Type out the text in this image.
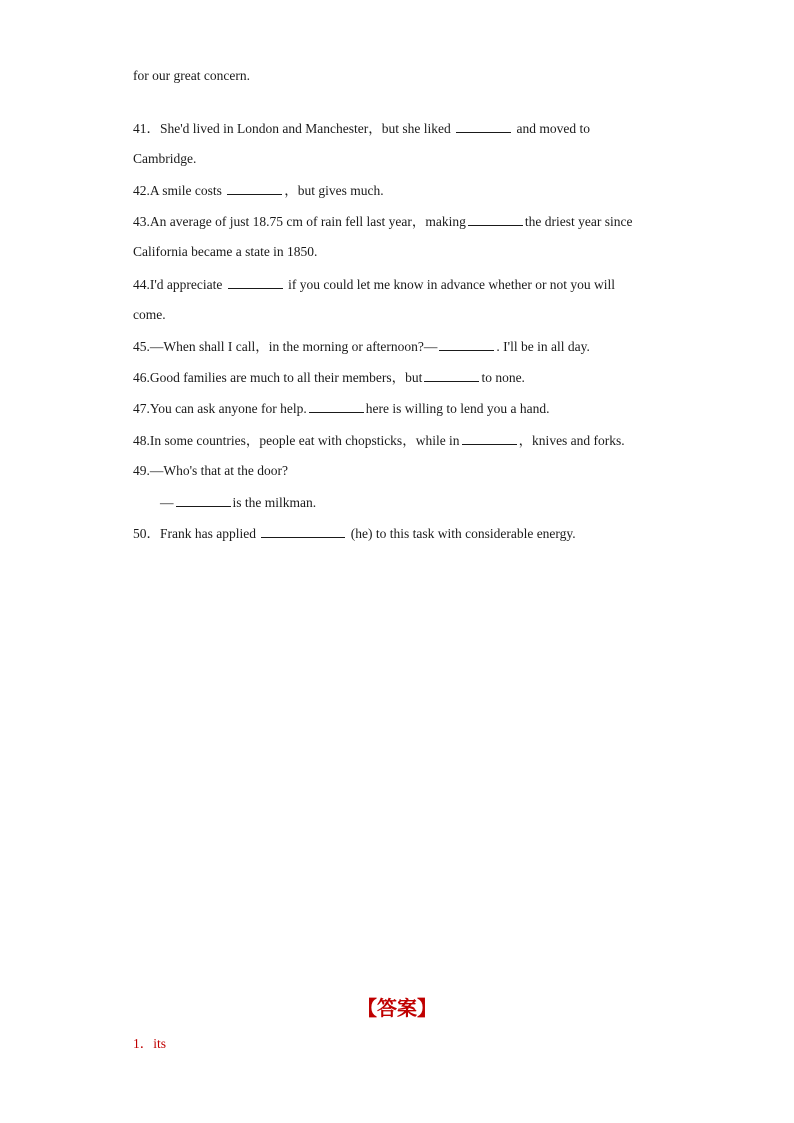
for our great concern.
41．She'd lived in London and Manchester，but she liked	and moved to
Cambridge.
42.A smile costs	，but gives much.
43.An average of just 18.75 cm of rain fell last year，making	the driest year since
California became a state in 1850.
44.I'd appreciate	if you could let me know in advance whether or not you will
come.
45.—When shall I call，in the morning or afternoon?—	. I'll be in all day.
46.Good families are much to all their members，but	to none.
47.You can ask anyone for help.	here is willing to lend you a hand.
48.In some countries，people eat with chopsticks，while in	，knives and forks.
49.—Who's that at the door?
—	is the milkman.
50．Frank has applied	(he) to this task with considerable energy.
【答案】
1．its
